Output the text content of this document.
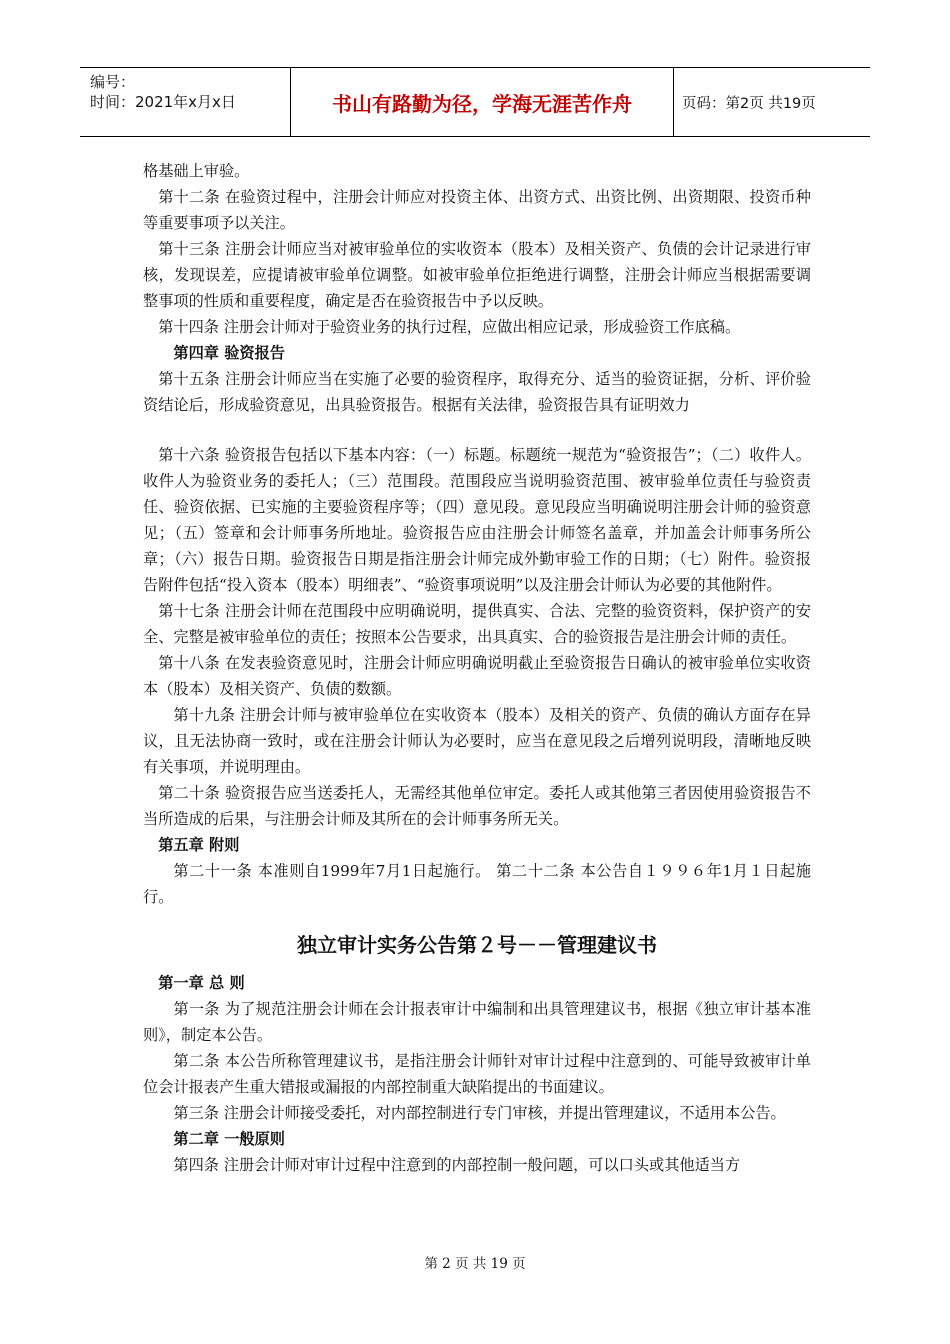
编号：
时间：2021年x月x日	书山有路勤为径，学海无涯苦作舟	页码：第2页 共19页

格基础上审验。

第十二条 在验资过程中，注册会计师应对投资主体、出资方式、出资比例、出资期限、投资币种等重要事项予以关注。

第十三条 注册会计师应当对被审验单位的实收资本（股本）及相关资产、负债的会计记录进行审核，发现误差，应提请被审验单位调整。如被审验单位拒绝进行调整，注册会计师应当根据需要调整事项的性质和重要程度，确定是否在验资报告中予以反映。

第十四条 注册会计师对于验资业务的执行过程，应做出相应记录，形成验资工作底稿。

第四章 验资报告

第十五条 注册会计师应当在实施了必要的验资程序，取得充分、适当的验资证据，分析、评价验资结论后，形成验资意见，出具验资报告。根据有关法律，验资报告具有证明效力

第十六条 验资报告包括以下基本内容：（一）标题。标题统一规范为“验资报告”；（二）收件人。收件人为验资业务的委托人；（三）范围段。范围段应当说明验资范围、被审验单位责任与验资责任、验资依据、已实施的主要验资程序等；（四）意见段。意见段应当明确说明注册会计师的验资意见；（五）签章和会计师事务所地址。验资报告应由注册会计师签名盖章，并加盖会计师事务所公章；（六）报告日期。验资报告日期是指注册会计师完成外勤审验工作的日期；（七）附件。验资报告附件包括“投入资本（股本）明细表”、“验资事项说明”以及注册会计师认为必要的其他附件。

第十七条 注册会计师在范围段中应明确说明，提供真实、合法、完整的验资资料，保护资产的安全、完整是被审验单位的责任；按照本公告要求，出具真实、合的验资报告是注册会计师的责任。

第十八条 在发表验资意见时，注册会计师应明确说明截止至验资报告日确认的被审验单位实收资本（股本）及相关资产、负债的数额。

第十九条 注册会计师与被审验单位在实收资本（股本）及相关的资产、负债的确认方面存在异议，且无法协商一致时，或在注册会计师认为必要时，应当在意见段之后增列说明段，清晰地反映有关事项，并说明理由。

第二十条 验资报告应当送委托人，无需经其他单位审定。委托人或其他第三者因使用验资报告不当所造成的后果，与注册会计师及其所在的会计师事务所无关。

第五章 附则

第二十一条 本准则自1999年7月1日起施行。 第二十二条 本公告自１９９６年1月１日起施行。

独立审计实务公告第２号－－管理建议书

第一章 总 则

第一条 为了规范注册会计师在会计报表审计中编制和出具管理建议书，根据《独立审计基本准则》，制定本公告。

第二条 本公告所称管理建议书，是指注册会计师针对审计过程中注意到的、可能导致被审计单位会计报表产生重大错报或漏报的内部控制重大缺陷提出的书面建议。

第三条 注册会计师接受委托，对内部控制进行专门审核，并提出管理建议，不适用本公告。

第二章 一般原则

第四条 注册会计师对审计过程中注意到的内部控制一般问题，可以口头或其他适当方

第 2 页 共 19 页
